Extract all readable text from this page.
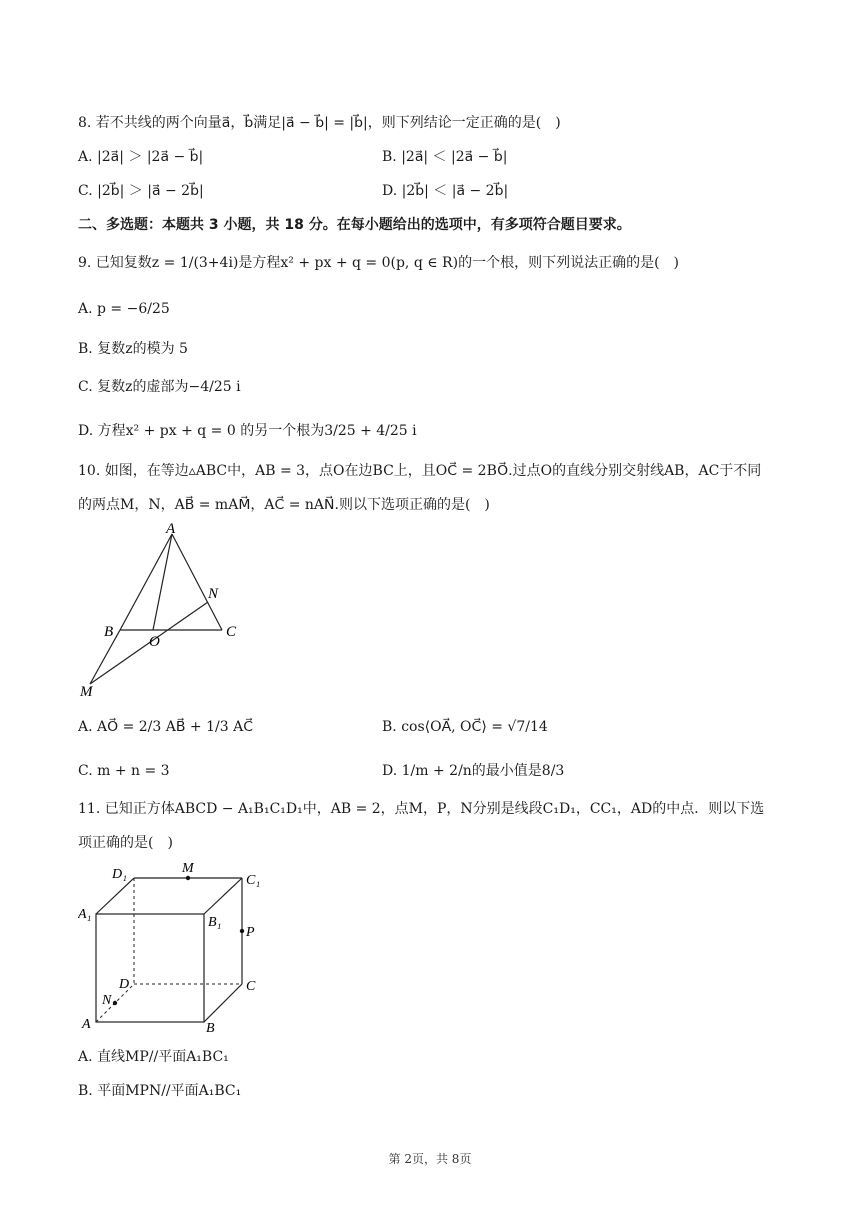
8. 若不共线的两个向量a⃗，b⃗满足|a⃗ − b⃗| = |b⃗|，则下列结论一定正确的是(　)
A. |2a⃗| ＞ |2a⃗ − b⃗|	B. |2a⃗| ＜ |2a⃗ − b⃗|
C. |2b⃗| ＞ |a⃗ − 2b⃗|	D. |2b⃗| ＜ |a⃗ − 2b⃗|
二、多选题：本题共 3 小题，共 18 分。在每小题给出的选项中，有多项符合题目要求。
9. 已知复数z = 1/(3+4i)是方程x² + px + q = 0(p, q ∈ R)的一个根，则下列说法正确的是(　)
A. p = −6/25
B. 复数z的模为 5
C. 复数z的虚部为−4/25 i
D. 方程x² + px + q = 0 的另一个根为3/25 + 4/25 i
10. 如图，在等边▵ABC中，AB = 3，点O在边BC上，且OC⃗ = 2BO⃗.过点O的直线分别交射线AB，AC于不同
的两点M，N，AB⃗ = mAM⃗，AC⃗ = nAN⃗.则以下选项正确的是(　)
A
B	C
O
N
M
A. AO⃗ = 2/3 AB⃗ + 1/3 AC⃗	B. cos⟨OA⃗, OC⃗⟩ = √7/14
C. m + n = 3	D. 1/m + 2/n的最小值是8/3
11. 已知正方体ABCD − A₁B₁C₁D₁中，AB = 2，点M，P，N分别是线段C₁D₁，CC₁，AD的中点．则以下选
项正确的是(　)
D₁	M
C₁
A₁
B₁
P
D	C
N
A	B
A. 直线MP//平面A₁BC₁
B. 平面MPN//平面A₁BC₁
第 2页，共 8页
